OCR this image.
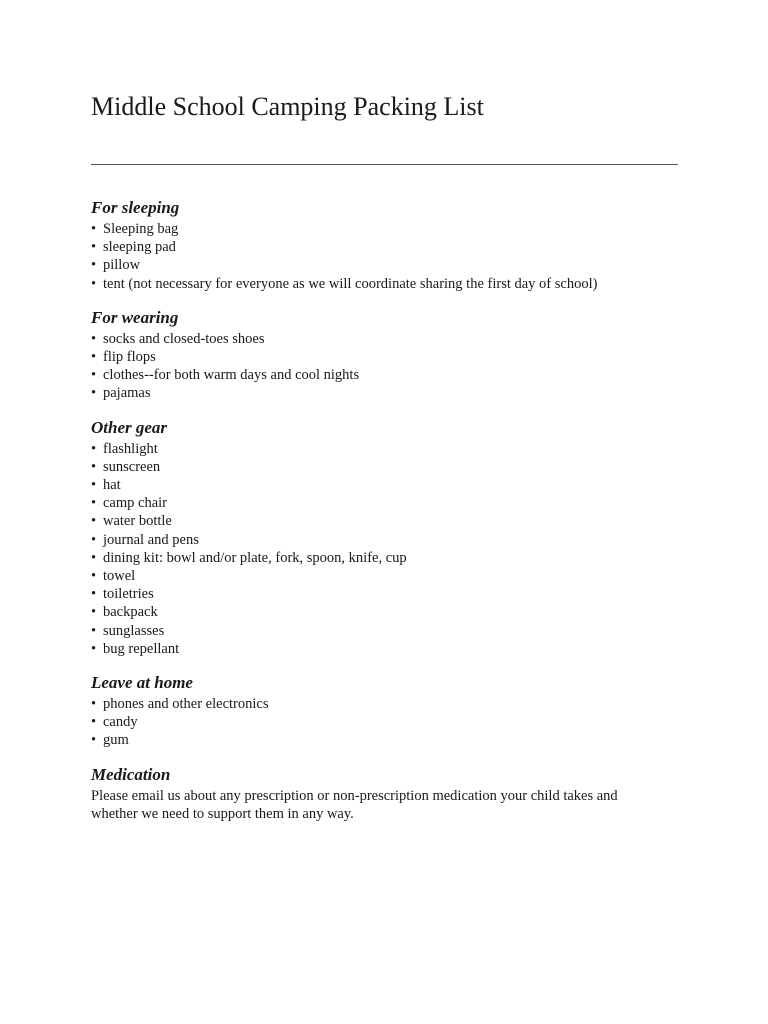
Middle School Camping Packing List
For sleeping
• Sleeping bag
• sleeping pad
• pillow
• tent (not necessary for everyone as we will coordinate sharing the first day of school)
For wearing
• socks and closed-toes shoes
• flip flops
• clothes--for both warm days and cool nights
• pajamas
Other gear
• flashlight
• sunscreen
• hat
• camp chair
• water bottle
• journal and pens
• dining kit: bowl and/or plate, fork, spoon, knife, cup
• towel
• toiletries
• backpack
• sunglasses
• bug repellant
Leave at home
• phones and other electronics
• candy
• gum
Medication

Please email us about any prescription or non-prescription medication your child takes and whether we need to support them in any way.
